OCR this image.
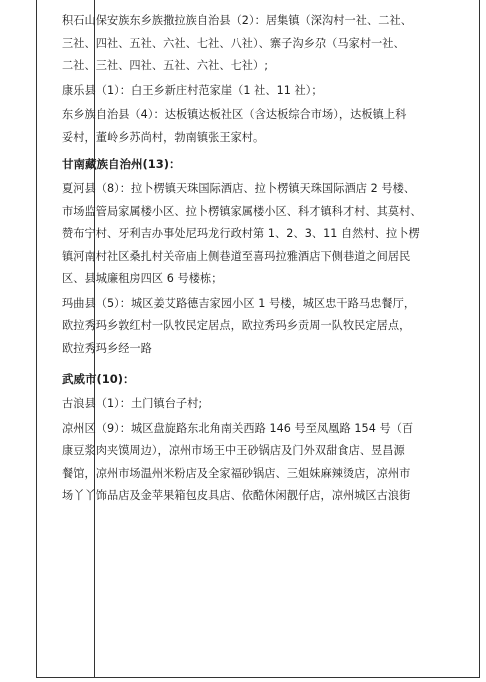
积石山保安族东乡族撒拉族自治县（2）：居集镇（深沟村一社、二社、
三社、四社、五社、六社、七社、八社）、寨子沟乡尕（马家村一社、
二社、三社、四社、五社、六社、七社）;
康乐县（1）：白王乡新庄村范家崖（1 社、11 社）；
东乡族自治县（4）：达板镇达板社区（含达板综合市场），达板镇上科
妥村，董岭乡苏尚村，勃南镇张王家村。
甘南藏族自治州(13)：
夏河县（8）：拉卜楞镇天珠国际酒店、拉卜楞镇天珠国际酒店 2 号楼、
市场监管局家属楼小区、拉卜楞镇家属楼小区、科才镇科才村、其莫村、
赞布宁村、牙利吉办事处尼玛龙行政村第 1、2、3、11 自然村、拉卜楞
镇河南村社区桑扎村关帝庙上侧巷道至喜玛拉雅酒店下侧巷道之间居民
区、县城廉租房四区 6 号楼栋；
玛曲县（5）：城区姜艾路德吉家园小区 1 号楼，城区忠干路马忠餐厅，
欧拉秀玛乡敦红村一队牧民定居点，欧拉秀玛乡贡周一队牧民定居点，
欧拉秀玛乡经一路
武威市(10)：
古浪县（1）：土门镇台子村;
凉州区（9）：城区盘旋路东北角南关西路 146 号至凤凰路 154 号（百
康豆浆肉夹馍周边），凉州市场王中王砂锅店及门外双甜食店、昱昌源
餐馆，凉州市场温州米粉店及全家福砂锅店、三姐妹麻辣烫店，凉州市
场丫丫饰品店及金苹果箱包皮具店、依酷休闲靓仔店，凉州城区古浪街
